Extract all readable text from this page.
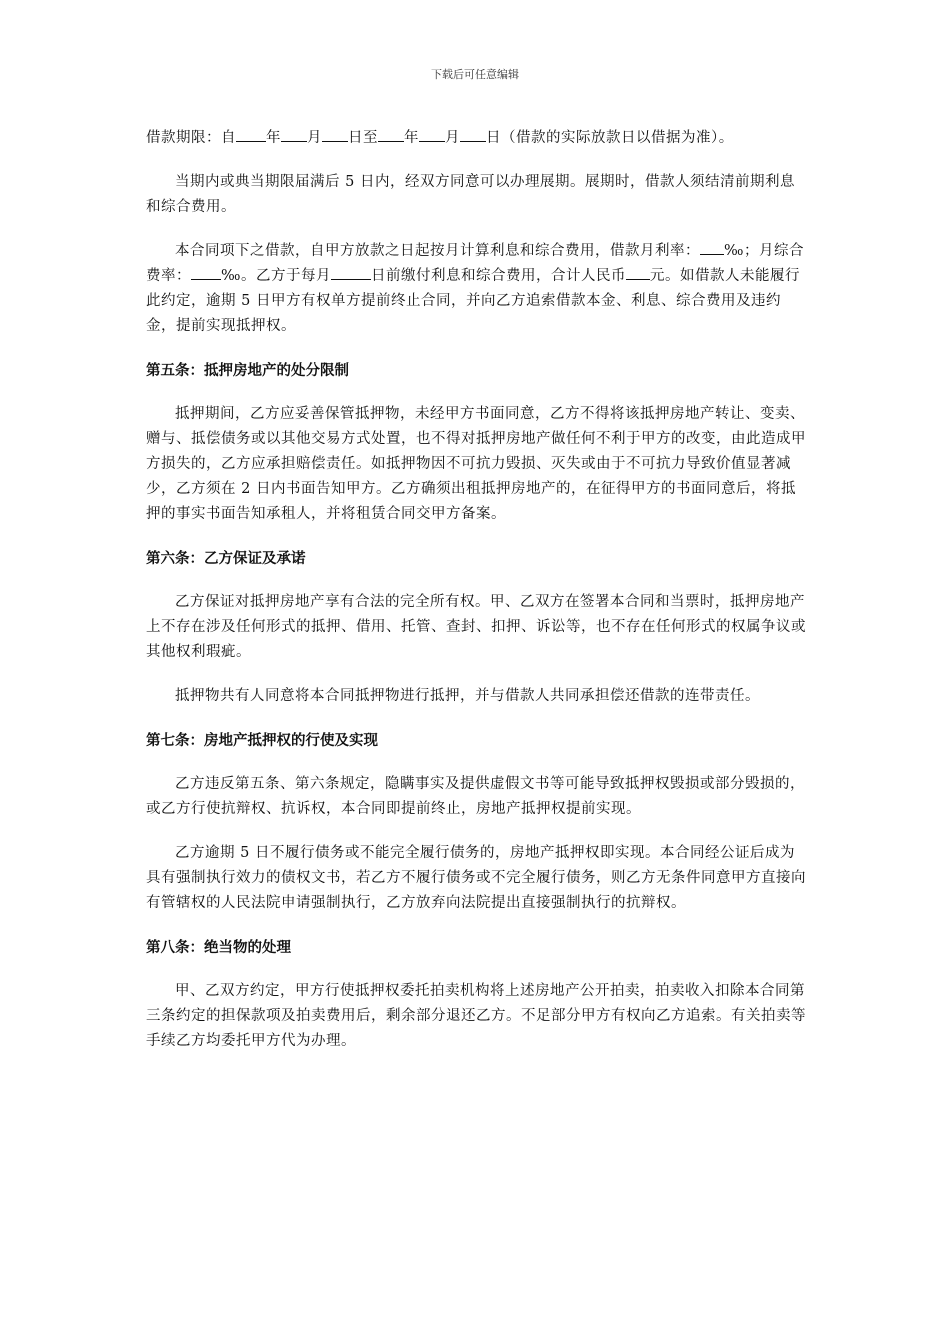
下载后可任意编辑

借款期限：自 年 月 日至 年 月 日（借款的实际放款日以借据为准）。

当期内或典当期限届满后 5 日内，经双方同意可以办理展期。展期时，借款人须结清前期利息和综合费用。

本合同项下之借款，自甲方放款之日起按月计算利息和综合费用，借款月利率： ‰；月综合费率： ‰。乙方于每月	日前缴付利息和综合费用，合计人民币 元。如借款人未能履行此约定，逾期 5 日甲方有权单方提前终止合同，并向乙方追索借款本金、利息、综合费用及违约金，提前实现抵押权。

第五条：抵押房地产的处分限制

抵押期间，乙方应妥善保管抵押物，未经甲方书面同意，乙方不得将该抵押房地产转让、变卖、赠与、抵偿债务或以其他交易方式处置，也不得对抵押房地产做任何不利于甲方的改变，由此造成甲方损失的，乙方应承担赔偿责任。如抵押物因不可抗力毁损、灭失或由于不可抗力导致价值显著减少，乙方须在 2 日内书面告知甲方。乙方确须出租抵押房地产的，在征得甲方的书面同意后，将抵押的事实书面告知承租人，并将租赁合同交甲方备案。

第六条：乙方保证及承诺

乙方保证对抵押房地产享有合法的完全所有权。甲、乙双方在签署本合同和当票时，抵押房地产上不存在涉及任何形式的抵押、借用、托管、查封、扣押、诉讼等，也不存在任何形式的权属争议或其他权利瑕疵。

抵押物共有人同意将本合同抵押物进行抵押，并与借款人共同承担偿还借款的连带责任。

第七条：房地产抵押权的行使及实现

乙方违反第五条、第六条规定，隐瞒事实及提供虚假文书等可能导致抵押权毁损或部分毁损的，或乙方行使抗辩权、抗诉权，本合同即提前终止，房地产抵押权提前实现。

乙方逾期 5 日不履行债务或不能完全履行债务的，房地产抵押权即实现。本合同经公证后成为具有强制执行效力的债权文书，若乙方不履行债务或不完全履行债务，则乙方无条件同意甲方直接向有管辖权的人民法院申请强制执行，乙方放弃向法院提出直接强制执行的抗辩权。

第八条：绝当物的处理

甲、乙双方约定，甲方行使抵押权委托拍卖机构将上述房地产公开拍卖，拍卖收入扣除本合同第三条约定的担保款项及拍卖费用后，剩余部分退还乙方。不足部分甲方有权向乙方追索。有关拍卖等手续乙方均委托甲方代为办理。
